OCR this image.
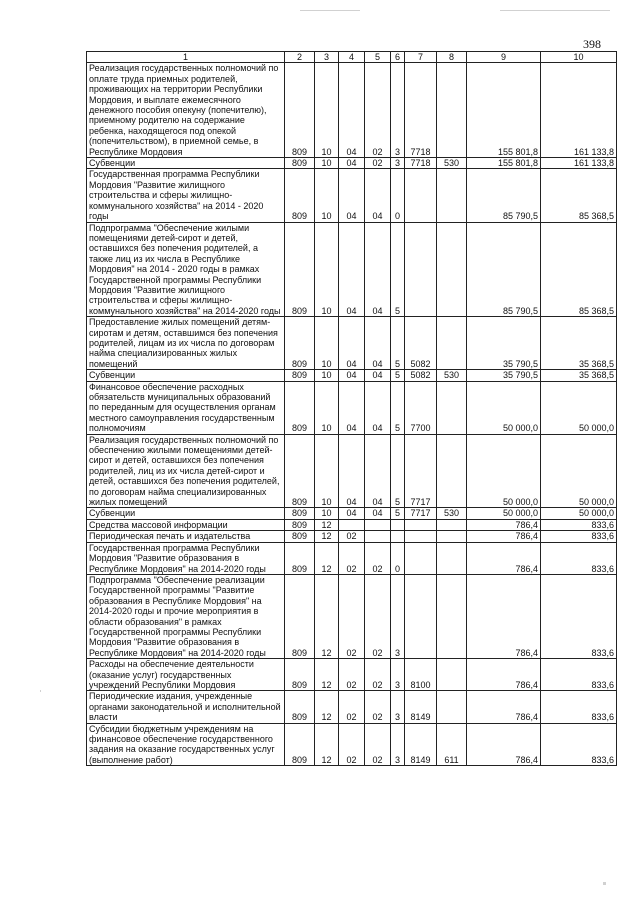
398
1	2	3	4	5	6	7	8	9	10
Реализация государственных полномочий по оплате труда приемных родителей, проживающих на территории Республики Мордовия, и выплате ежемесячного денежного пособия опекуну (попечителю), приемному родителю на содержание ребенка, находящегося под опекой (попечительством), в приемной семье, в Республике Мордовия	809	10	04	02	3	7718		155 801,8	161 133,8
Субвенции	809	10	04	02	3	7718	530	155 801,8	161 133,8
Государственная программа Республики Мордовия "Развитие жилищного строительства и сферы жилищно-коммунального хозяйства" на 2014 - 2020 годы	809	10	04	04	0			85 790,5	85 368,5
Подпрограмма "Обеспечение жилыми помещениями детей-сирот и детей, оставшихся без попечения родителей, а также лиц из их числа в Республике Мордовия" на 2014 - 2020 годы в рамках Государственной программы Республики Мордовия "Развитие жилищного строительства и сферы жилищно-коммунального хозяйства" на 2014-2020 годы	809	10	04	04	5			85 790,5	85 368,5
Предоставление жилых помещений детям-сиротам и детям, оставшимся без попечения родителей, лицам из их числа по договорам найма специализированных жилых помещений	809	10	04	04	5	5082		35 790,5	35 368,5
Субвенции	809	10	04	04	5	5082	530	35 790,5	35 368,5
Финансовое обеспечение расходных обязательств муниципальных образований по переданным для осуществления органам местного самоуправления государственным полномочиям	809	10	04	04	5	7700		50 000,0	50 000,0
Реализация государственных полномочий по обеспечению жилыми помещениями детей-сирот и детей, оставшихся без попечения родителей, лиц из их числа детей-сирот и детей, оставшихся без попечения родителей, по договорам найма специализированных жилых помещений	809	10	04	04	5	7717		50 000,0	50 000,0
Субвенции	809	10	04	04	5	7717	530	50 000,0	50 000,0
Средства массовой информации	809	12						786,4	833,6
Периодическая печать и издательства	809	12	02					786,4	833,6
Государственная программа Республики Мордовия "Развитие образования в Республике Мордовия" на 2014-2020 годы	809	12	02	02	0			786,4	833,6
Подпрограмма "Обеспечение реализации Государственной программы "Развитие образования в Республике Мордовия" на 2014-2020 годы и прочие мероприятия в области образования" в рамках Государственной программы Республики Мордовия "Развитие образования в Республике Мордовия" на 2014-2020 годы	809	12	02	02	3			786,4	833,6
Расходы на обеспечение деятельности (оказание услуг) государственных учреждений Республики Мордовия	809	12	02	02	3	8100		786,4	833,6
Периодические издания, учрежденные органами законодательной и исполнительной власти	809	12	02	02	3	8149		786,4	833,6
Субсидии бюджетным учреждениям на финансовое обеспечение государственного задания на оказание государственных услуг (выполнение работ)	809	12	02	02	3	8149	611	786,4	833,6
